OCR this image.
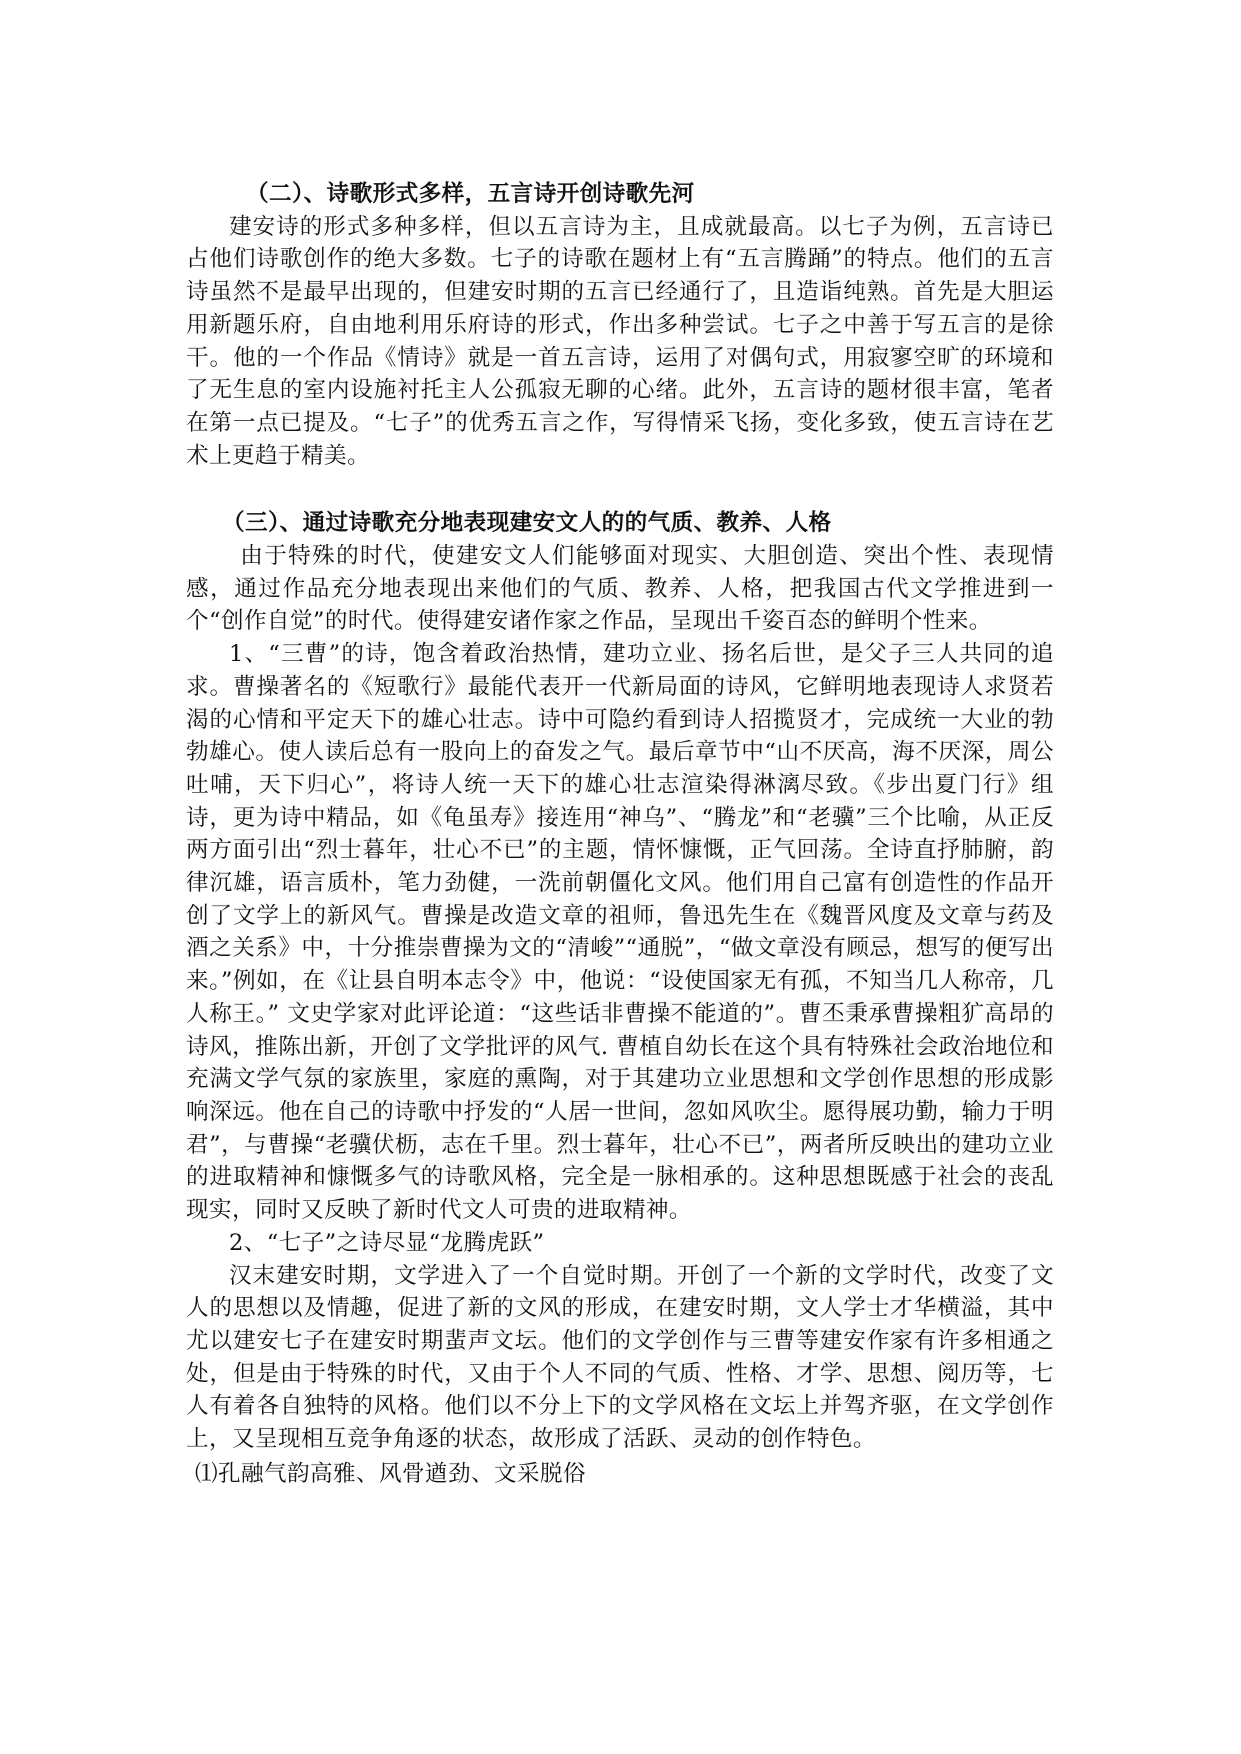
（二）、诗歌形式多样，五言诗开创诗歌先河

建安诗的形式多种多样，但以五言诗为主，且成就最高。以七子为例，五言诗已占他们诗歌创作的绝大多数。七子的诗歌在题材上有“五言腾踊”的特点。他们的五言诗虽然不是最早出现的，但建安时期的五言已经通行了，且造诣纯熟。首先是大胆运用新题乐府，自由地利用乐府诗的形式，作出多种尝试。七子之中善于写五言的是徐干。他的一个作品《情诗》就是一首五言诗，运用了对偶句式，用寂寥空旷的环境和了无生息的室内设施衬托主人公孤寂无聊的心绪。此外，五言诗的题材很丰富，笔者在第一点已提及。“七子”的优秀五言之作，写得情采飞扬，变化多致，使五言诗在艺术上更趋于精美。

（三）、通过诗歌充分地表现建安文人的的气质、教养、人格

由于特殊的时代，使建安文人们能够面对现实、大胆创造、突出个性、表现情感，通过作品充分地表现出来他们的气质、教养、人格，把我国古代文学推进到一个“创作自觉”的时代。使得建安诸作家之作品，呈现出千姿百态的鲜明个性来。

1、“三曹”的诗，饱含着政治热情，建功立业、扬名后世，是父子三人共同的追求。曹操著名的《短歌行》最能代表开一代新局面的诗风，它鲜明地表现诗人求贤若渴的心情和平定天下的雄心壮志。诗中可隐约看到诗人招揽贤才，完成统一大业的勃勃雄心。使人读后总有一股向上的奋发之气。最后章节中“山不厌高，海不厌深，周公吐哺，天下归心”，将诗人统一天下的雄心壮志渲染得淋漓尽致。《步出夏门行》组诗，更为诗中精品，如《龟虽寿》接连用“神乌”、“腾龙”和“老骥”三个比喻，从正反两方面引出“烈士暮年，壮心不已”的主题，情怀慷慨，正气回荡。全诗直抒肺腑，韵律沉雄，语言质朴，笔力劲健，一洗前朝僵化文风。他们用自己富有创造性的作品开创了文学上的新风气。曹操是改造文章的祖师，鲁迅先生在《魏晋风度及文章与药及酒之关系》中，十分推崇曹操为文的“清峻”“通脱”，“做文章没有顾忌，想写的便写出来。”例如，在《让县自明本志令》中，他说：“设使国家无有孤，不知当几人称帝，几人称王。” 文史学家对此评论道：“这些话非曹操不能道的”。曹丕秉承曹操粗犷高昂的诗风，推陈出新，开创了文学批评的风气. 曹植自幼长在这个具有特殊社会政治地位和充满文学气氛的家族里，家庭的熏陶，对于其建功立业思想和文学创作思想的形成影响深远。他在自己的诗歌中抒发的“人居一世间，忽如风吹尘。愿得展功勤，输力于明君”，与曹操“老骥伏枥，志在千里。烈士暮年，壮心不已”，两者所反映出的建功立业的进取精神和慷慨多气的诗歌风格，完全是一脉相承的。这种思想既感于社会的丧乱现实，同时又反映了新时代文人可贵的进取精神。

2、“七子”之诗尽显“龙腾虎跃”

汉末建安时期，文学进入了一个自觉时期。开创了一个新的文学时代，改变了文人的思想以及情趣，促进了新的文风的形成，在建安时期，文人学士才华横溢，其中尤以建安七子在建安时期蜚声文坛。他们的文学创作与三曹等建安作家有许多相通之处，但是由于特殊的时代，又由于个人不同的气质、性格、才学、思想、阅历等，七人有着各自独特的风格。他们以不分上下的文学风格在文坛上并驾齐驱，在文学创作上，又呈现相互竞争角逐的状态，故形成了活跃、灵动的创作特色。

⑴孔融气韵高雅、风骨遒劲、文采脱俗
